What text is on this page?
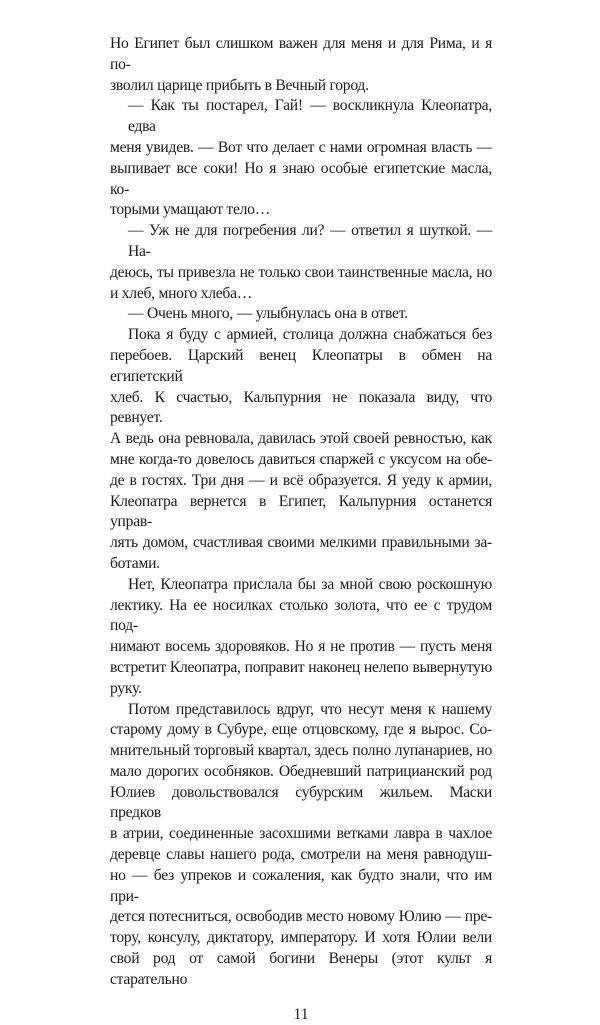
Но Египет был слишком важен для меня и для Рима, и я по-
зволил царице прибыть в Вечный город.
— Как ты постарел, Гай! — воскликнула Клеопатра, едва
меня увидев. — Вот что делает с нами огромная власть —
выпивает все соки! Но я знаю особые египетские масла, ко-
торыми умащают тело…
— Уж не для погребения ли? — ответил я шуткой. — На-
деюсь, ты привезла не только свои таинственные масла, но
и хлеб, много хлеба…
— Очень много, — улыбнулась она в ответ.
Пока я буду с армией, столица должна снабжаться без
перебоев. Царский венец Клеопатры в обмен на египетский
хлеб. К счастью, Кальпурния не показала виду, что ревнует.
А ведь она ревновала, давилась этой своей ревностью, как
мне когда-то довелось давиться спаржей с уксусом на обе-
де в гостях. Три дня — и всё образуется. Я уеду к армии,
Клеопатра вернется в Египет, Кальпурния останется управ-
лять домом, счастливая своими мелкими правильными за-
ботами.
Нет, Клеопатра прислала бы за мной свою роскошную
лектику. На ее носилках столько золота, что ее с трудом под-
нимают восемь здоровяков. Но я не против — пусть меня
встретит Клеопатра, поправит наконец нелепо вывернутую
руку.
Потом представилось вдруг, что несут меня к нашему
старому дому в Субуре, еще отцовскому, где я вырос. Со-
мнительный торговый квартал, здесь полно лупанариев, но
мало дорогих особняков. Обедневший патрицианский род
Юлиев довольствовался субурским жильем. Маски предков
в атрии, соединенные засохшими ветками лавра в чахлое
деревце славы нашего рода, смотрели на меня равнодуш-
но — без упреков и сожаления, как будто знали, что им при-
дется потесниться, освободив место новому Юлию — пре-
тору, консулу, диктатору, императору. И хотя Юлии вели
свой род от самой богини Венеры (этот культ я старательно
11
